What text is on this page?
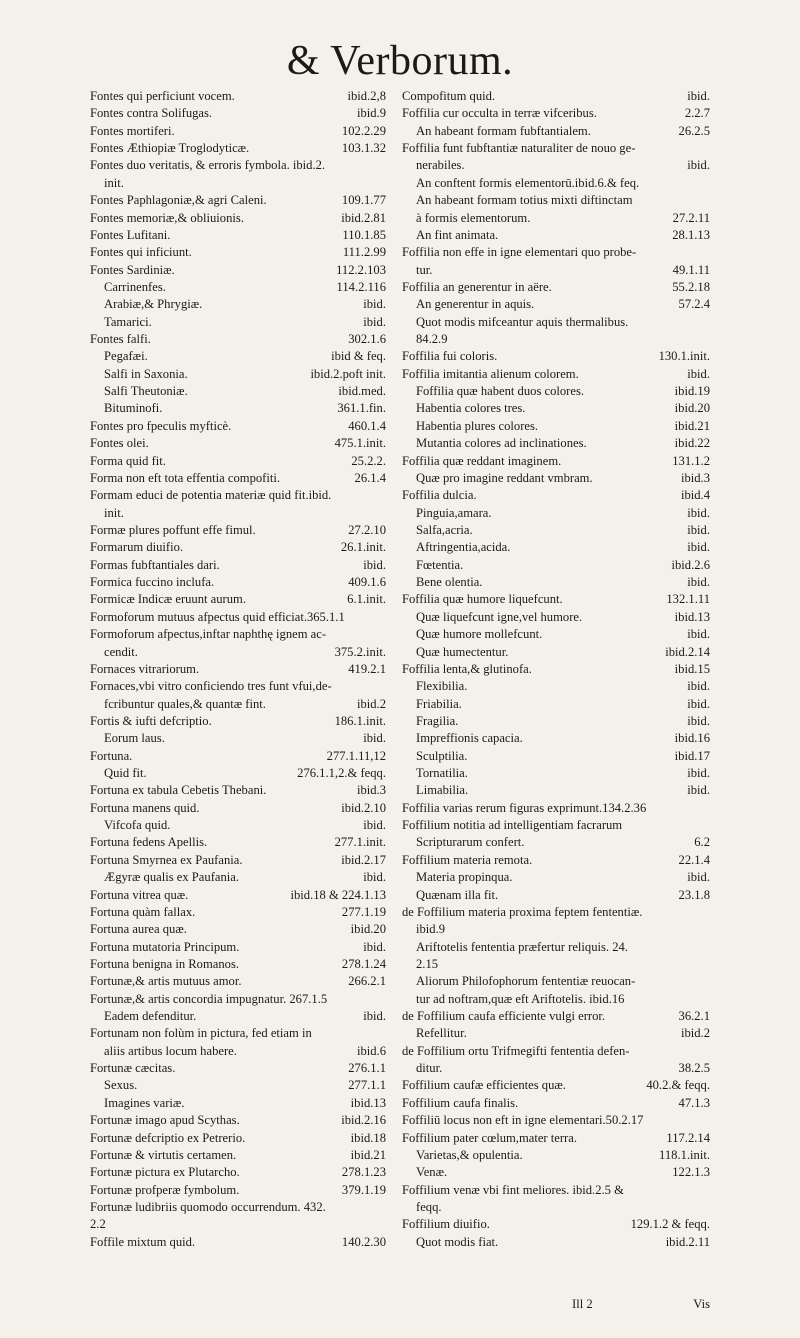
& Verborum.
Fontes qui perficiunt vocem.	ibid.2,8
Fontes contra Solifugas.	ibid.9
Fontes mortiferi.	102.2.29
Fontes Æthiopiæ Troglodyticæ.	103.1.32
Fontes duo veritatis, & erroris fymbola. ibid.2.
init.
Fontes Paphlagoniæ,& agri Caleni.	109.1.77
Fontes memoriæ,& obliuionis.	ibid.2.81
Fontes Lufitani.	110.1.85
Fontes qui inficiunt.	111.2.99
Fontes Sardiniæ.	112.2.103
Carrinenfes.	114.2.116
Arabiæ,& Phrygiæ.	ibid.
Tamarici.	ibid.
Fontes falfi.	302.1.6
Pegafæi.	ibid & feq.
Salfi in Saxonia.	ibid.2.poft init.
Salfi Theutoniæ.	ibid.med.
Bituminofi.	361.1.fin.
Fontes pro fpeculis myfticè.	460.1.4
Fontes olei.	475.1.init.
Forma quid fit.	25.2.2.
Forma non eft tota effentia compofiti.	26.1.4
Formam educi de potentia materiæ quid fit.ibid.
init.
Formæ plures poffunt effe fimul.	27.2.10
Formarum diuifio.	26.1.init.
Formas fubftantiales dari.	ibid.
Formica fuccino inclufa.	409.1.6
Formicæ Indicæ eruunt aurum.	6.1.init.
Formoforum mutuus afpectus quid efficiat.365.1.1
Formoforum afpectus,inftar naphthę ignem ac-
cendit.	375.2.init.
Fornaces vitrariorum.	419.2.1
Fornaces,vbi vitro conficiendo tres funt vfui,de-
fcribuntur quales,& quantæ fint.	ibid.2
Fortis & iufti defcriptio.	186.1.init.
Eorum laus.	ibid.
Fortuna.	277.1.11,12
Quid fit.	276.1.1,2.& feqq.
Fortuna ex tabula Cebetis Thebani.	ibid.3
Fortuna manens quid.	ibid.2.10
Vifcofa quid.	ibid.
Fortuna fedens Apellis.	277.1.init.
Fortuna Smyrnea ex Paufania.	ibid.2.17
Ægyræ qualis ex Paufania.	ibid.
Fortuna vitrea quæ.	ibid.18 & 224.1.13
Fortuna quàm fallax.	277.1.19
Fortuna aurea quæ.	ibid.20
Fortuna mutatoria Principum.	ibid.
Fortuna benigna in Romanos.	278.1.24
Fortunæ,& artis mutuus amor.	266.2.1
Fortunæ,& artis concordia impugnatur. 267.1.5
Eadem defenditur.	ibid.
Fortunam non folùm in pictura, fed etiam in
aliis artibus locum habere.	ibid.6
Fortunæ cæcitas.	276.1.1
Sexus.	277.1.1
Imagines variæ.	ibid.13
Fortunæ imago apud Scythas.	ibid.2.16
Fortunæ defcriptio ex Petrerio.	ibid.18
Fortunæ & virtutis certamen.	ibid.21
Fortunæ pictura ex Plutarcho.	278.1.23
Fortunæ profperæ fymbolum.	379.1.19
Fortunæ ludibriis quomodo occurrendum. 432.
2.2
Foffile mixtum quid.	140.2.30
Compofitum quid.	ibid.
Foffilia cur occulta in terræ vifceribus.	2.2.7
An habeant formam fubftantialem.	26.2.5
Foffilia funt fubftantiæ naturaliter de nouo ge-
nerabiles.	ibid.
An conftent formis elementorū.ibid.6.& feq.
An habeant formam totius mixti diftinctam
à formis elementorum.	27.2.11
An fint animata.	28.1.13
Foffilia non effe in igne elementari quo probe-
tur.	49.1.11
Foffilia an generentur in aëre.	55.2.18
An generentur in aquis.	57.2.4
Quot modis mifceantur aquis thermalibus.
84.2.9
Foffilia fui coloris.	130.1.init.
Foffilia imitantia alienum colorem.	ibid.
Foffilia quæ habent duos colores.	ibid.19
Habentia colores tres.	ibid.20
Habentia plures colores.	ibid.21
Mutantia colores ad inclinationes.	ibid.22
Foffilia quæ reddant imaginem.	131.1.2
Quæ pro imagine reddant vmbram.	ibid.3
Foffilia dulcia.	ibid.4
Pinguia,amara.	ibid.
Salfa,acria.	ibid.
Aftringentia,acida.	ibid.
Fœtentia.	ibid.2.6
Bene olentia.	ibid.
Foffilia quæ humore liquefcunt.	132.1.11
Quæ liquefcunt igne,vel humore.	ibid.13
Quæ humore mollefcunt.	ibid.
Quæ humectentur.	ibid.2.14
Foffilia lenta,& glutinofa.	ibid.15
Flexibilia.	ibid.
Friabilia.	ibid.
Fragilia.	ibid.
Impreffionis capacia.	ibid.16
Sculptilia.	ibid.17
Tornatilia.	ibid.
Limabilia.	ibid.
Foffilia varias rerum figuras exprimunt.134.2.36
Foffilium notitia ad intelligentiam facrarum
Scripturarum confert.	6.2
Foffilium materia remota.	22.1.4
Materia propinqua.	ibid.
Quænam illa fit.	23.1.8
de Foffilium materia proxima feptem fententiæ.
ibid.9
Ariftotelis fententia præfertur reliquis. 24.
2.15
Aliorum Philofophorum fententiæ reuocan-
tur ad noftram,quæ eft Ariftotelis. ibid.16
de Foffilium caufa efficiente vulgi error.	36.2.1
Refellitur.	ibid.2
de Foffilium ortu Trifmegifti fententia defen-
ditur.	38.2.5
Foffilium caufæ efficientes quæ.	40.2.& feqq.
Foffilium caufa finalis.	47.1.3
Foffiliū locus non eft in igne elementari.50.2.17
Foffilium pater cœlum,mater terra.	117.2.14
Varietas,& opulentia.	118.1.init.
Venæ.	122.1.3
Foffilium venæ vbi fint meliores. ibid.2.5 &
feqq.
Foffilium diuifio.	129.1.2 & feqq.
Quot modis fiat.	ibid.2.11
Ill 2	Vis
